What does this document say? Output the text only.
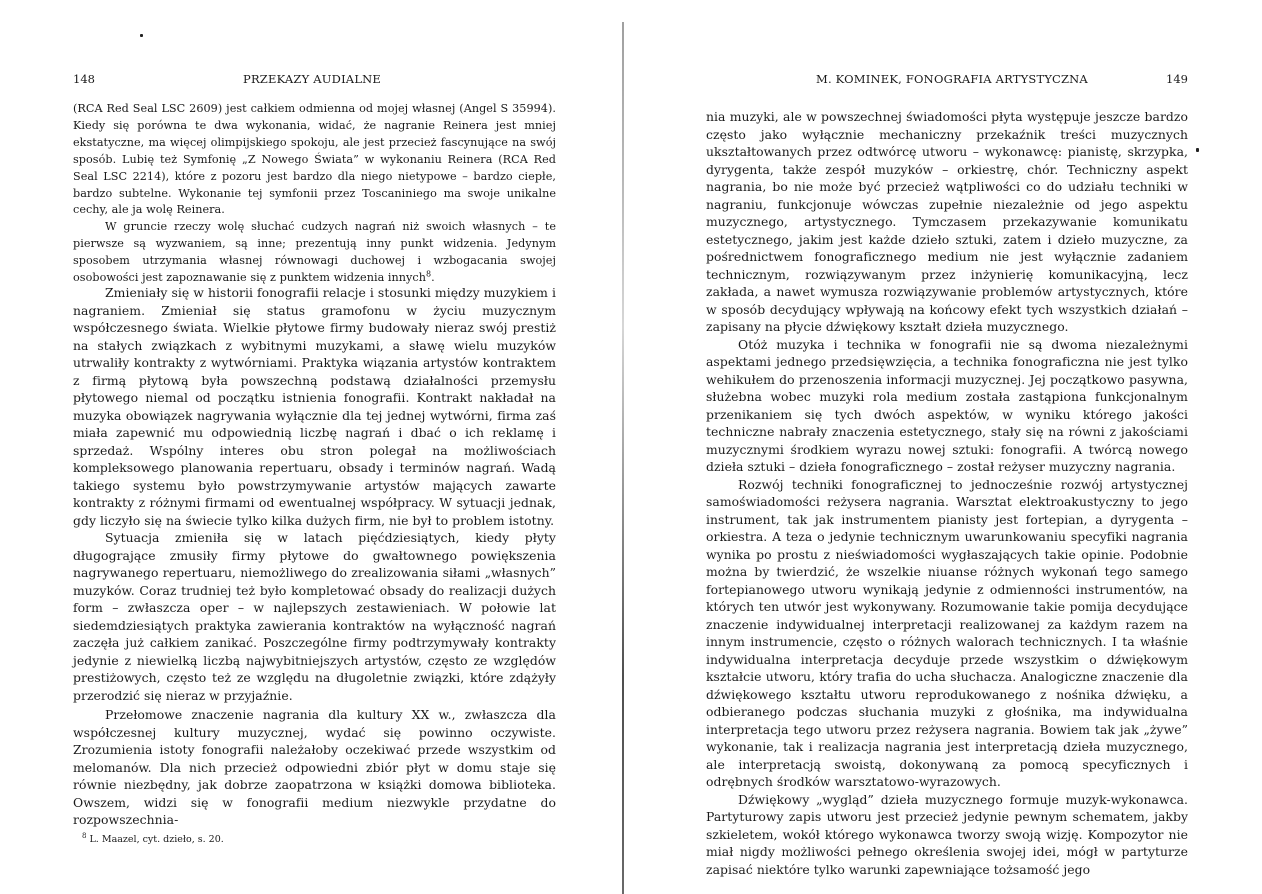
148	PRZEKAZY AUDIALNE

(RCA Red Seal LSC 2609) jest całkiem odmienna od mojej własnej (Angel S 35994). Kiedy się porówna te dwa wykonania, widać, że nagranie Reinera jest mniej ekstatyczne, ma więcej olimpijskiego spokoju, ale jest przecież fascynujące na swój sposób. Lubię też Symfonię „Z Nowego Świata” w wykonaniu Reinera (RCA Red Seal LSC 2214), które z pozoru jest bardzo dla niego nietypowe – bardzo ciepłe, bardzo subtelne. Wykonanie tej symfonii przez Toscaniniego ma swoje unikalne cechy, ale ja wolę Reinera.

W gruncie rzeczy wolę słuchać cudzych nagrań niż swoich własnych – te pierwsze są wyzwaniem, są inne; prezentują inny punkt widzenia. Jedynym sposobem utrzymania własnej równowagi duchowej i wzbogacania swojej osobowości jest zapoznawanie się z punktem widzenia innych$^8$.

Zmieniały się w historii fonografii relacje i stosunki między muzykiem i nagraniem. Zmieniał się status gramofonu w życiu muzycznym współczesnego świata. Wielkie płytowe firmy budowały nieraz swój prestiż na stałych związkach z wybitnymi muzykami, a sławę wielu muzyków utrwaliły kontrakty z wytwórniami. Praktyka wiązania artystów kontraktem z firmą płytową była powszechną podstawą działalności przemysłu płytowego niemal od początku istnienia fonografii. Kontrakt nakładał na muzyka obowiązek nagrywania wyłącznie dla tej jednej wytwórni, firma zaś miała zapewnić mu odpowiednią liczbę nagrań i dbać o ich reklamę i sprzedaż. Wspólny interes obu stron polegał na możliwościach kompleksowego planowania repertuaru, obsady i terminów nagrań. Wadą takiego systemu było powstrzymywanie artystów mających zawarte kontrakty z różnymi firmami od ewentualnej współpracy. W sytuacji jednak, gdy liczyło się na świecie tylko kilka dużych firm, nie był to problem istotny.

Sytuacja zmieniła się w latach pięćdziesiątych, kiedy płyty długogrające zmusiły firmy płytowe do gwałtownego powiększenia nagrywanego repertuaru, niemożliwego do zrealizowania siłami „własnych” muzyków. Coraz trudniej też było kompletować obsady do realizacji dużych form – zwłaszcza oper – w najlepszych zestawieniach. W połowie lat siedemdziesiątych praktyka zawierania kontraktów na wyłączność nagrań zaczęła już całkiem zanikać. Poszczególne firmy podtrzymywały kontrakty jedynie z niewielką liczbą najwybitniejszych artystów, często ze względów prestiżowych, często też ze względu na długoletnie związki, które zdążyły przerodzić się nieraz w przyjaźnie.

Przełomowe znaczenie nagrania dla kultury XX w., zwłaszcza dla współczesnej kultury muzycznej, wydać się powinno oczywiste. Zrozumienia istoty fonografii należałoby oczekiwać przede wszystkim od melomanów. Dla nich przecież odpowiedni zbiór płyt w domu staje się równie niezbędny, jak dobrze zaopatrzona w książki domowa biblioteka. Owszem, widzi się w fonografii medium niezwykle przydatne do rozpowszechnia-

$^8$ L. Maazel, cyt. dzieło, s. 20.
M. KOMINEK, FONOGRAFIA ARTYSTYCZNA	149

nia muzyki, ale w powszechnej świadomości płyta występuje jeszcze bardzo często jako wyłącznie mechaniczny przekaźnik treści muzycznych ukształtowanych przez odtwórcę utworu – wykonawcę: pianistę, skrzypka, dyrygenta, także zespół muzyków – orkiestrę, chór. Techniczny aspekt nagrania, bo nie może być przecież wątpliwości co do udziału techniki w nagraniu, funkcjonuje wówczas zupełnie niezależnie od jego aspektu muzycznego, artystycznego. Tymczasem przekazywanie komunikatu estetycznego, jakim jest każde dzieło sztuki, zatem i dzieło muzyczne, za pośrednictwem fonograficznego medium nie jest wyłącznie zadaniem technicznym, rozwiązywanym przez inżynierię komunikacyjną, lecz zakłada, a nawet wymusza rozwiązywanie problemów artystycznych, które w sposób decydujący wpływają na końcowy efekt tych wszystkich działań – zapisany na płycie dźwiękowy kształt dzieła muzycznego.

Otóż muzyka i technika w fonografii nie są dwoma niezależnymi aspektami jednego przedsięwzięcia, a technika fonograficzna nie jest tylko wehikułem do przenoszenia informacji muzycznej. Jej początkowo pasywna, służebna wobec muzyki rola medium została zastąpiona funkcjonalnym przenikaniem się tych dwóch aspektów, w wyniku którego jakości techniczne nabrały znaczenia estetycznego, stały się na równi z jakościami muzycznymi środkiem wyrazu nowej sztuki: fonografii. A twórcą nowego dzieła sztuki – dzieła fonograficznego – został reżyser muzyczny nagrania.

Rozwój techniki fonograficznej to jednocześnie rozwój artystycznej samoświadomości reżysera nagrania. Warsztat elektroakustyczny to jego instrument, tak jak instrumentem pianisty jest fortepian, a dyrygenta – orkiestra. A teza o jedynie technicznym uwarunkowaniu specyfiki nagrania wynika po prostu z nieświadomości wygłaszających takie opinie. Podobnie można by twierdzić, że wszelkie niuanse różnych wykonań tego samego fortepianowego utworu wynikają jedynie z odmienności instrumentów, na których ten utwór jest wykonywany. Rozumowanie takie pomija decydujące znaczenie indywidualnej interpretacji realizowanej za każdym razem na innym instrumencie, często o różnych walorach technicznych. I ta właśnie indywidualna interpretacja decyduje przede wszystkim o dźwiękowym kształcie utworu, który trafia do ucha słuchacza. Analogiczne znaczenie dla dźwiękowego kształtu utworu reprodukowanego z nośnika dźwięku, a odbieranego podczas słuchania muzyki z głośnika, ma indywidualna interpretacja tego utworu przez reżysera nagrania. Bowiem tak jak „żywe” wykonanie, tak i realizacja nagrania jest interpretacją dzieła muzycznego, ale interpretacją swoistą, dokonywaną za pomocą specyficznych i odrębnych środków warsztatowo-wyrazowych.

Dźwiękowy „wygląd” dzieła muzycznego formuje muzyk-wykonawca. Partyturowy zapis utworu jest przecież jedynie pewnym schematem, jakby szkieletem, wokół którego wykonawca tworzy swoją wizję. Kompozytor nie miał nigdy możliwości pełnego określenia swojej idei, mógł w partyturze zapisać niektóre tylko warunki zapewniające tożsamość jego
